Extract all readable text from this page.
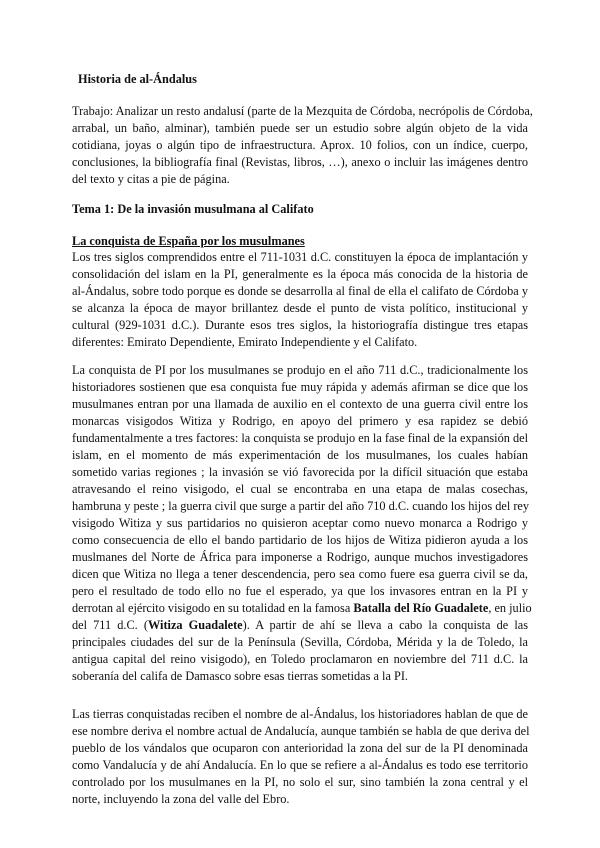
Historia de al-Ándalus
Trabajo: Analizar un resto andalusí (parte de la Mezquita de Córdoba, necrópolis de Córdoba,
arrabal, un baño, alminar), también puede ser un estudio sobre algún objeto de la vida
cotidiana, joyas o algún tipo de infraestructura. Aprox. 10 folios, con un índice, cuerpo,
conclusiones, la bibliografía final (Revistas, libros, …), anexo o incluir las imágenes dentro
del texto y citas a pie de página.
Tema 1: De la invasión musulmana al Califato
La conquista de España por los musulmanes
Los tres siglos comprendidos entre el 711-1031 d.C. constituyen la época de implantación y
consolidación del islam en la PI, generalmente es la época más conocida de la historia de
al-Ándalus, sobre todo porque es donde se desarrolla al final de ella el califato de Córdoba y
se alcanza la época de mayor brillantez desde el punto de vista político, institucional y
cultural (929-1031 d.C.). Durante esos tres siglos, la historiografía distingue tres etapas
diferentes: Emirato Dependiente, Emirato Independiente y el Califato.
La conquista de PI por los musulmanes se produjo en el año 711 d.C., tradicionalmente los
historiadores sostienen que esa conquista fue muy rápida y además afirman se dice que los
musulmanes entran por una llamada de auxilio en el contexto de una guerra civil entre los
monarcas visigodos Witiza y Rodrigo, en apoyo del primero y esa rapidez se debió
fundamentalmente a tres factores: la conquista se produjo en la fase final de la expansión del
islam, en el momento de más experimentación de los musulmanes, los cuales habían
sometido varias regiones ; la invasión se vió favorecida por la difícil situación que estaba
atravesando el reino visigodo, el cual se encontraba en una etapa de malas cosechas,
hambruna y peste ; la guerra civil que surge a partir del año 710 d.C. cuando los hijos del rey
visigodo Witiza y sus partidarios no quisieron aceptar como nuevo monarca a Rodrigo y
como consecuencia de ello el bando partidario de los hijos de Witiza pidieron ayuda a los
muslmanes del Norte de África para imponerse a Rodrigo, aunque muchos investigadores
dicen que Witiza no llega a tener descendencia, pero sea como fuere esa guerra civil se da,
pero el resultado de todo ello no fue el esperado, ya que los invasores entran en la PI y
derrotan al ejército visigodo en su totalidad en la famosa Batalla del Río Guadalete, en julio
del 711 d.C. (Witiza Guadalete). A partir de ahí se lleva a cabo la conquista de las
principales ciudades del sur de la Península (Sevilla, Córdoba, Mérida y la de Toledo, la
antigua capital del reino visigodo), en Toledo proclamaron en noviembre del 711 d.C. la
soberanía del califa de Damasco sobre esas tierras sometidas a la PI.
Las tierras conquistadas reciben el nombre de al-Ándalus, los historiadores hablan de que de
ese nombre deriva el nombre actual de Andalucía, aunque también se habla de que deriva del
pueblo de los vándalos que ocuparon con anterioridad la zona del sur de la PI denominada
como Vandalucía y de ahí Andalucía. En lo que se refiere a al-Ándalus es todo ese territorio
controlado por los musulmanes en la PI, no solo el sur, sino también la zona central y el
norte, incluyendo la zona del valle del Ebro.
